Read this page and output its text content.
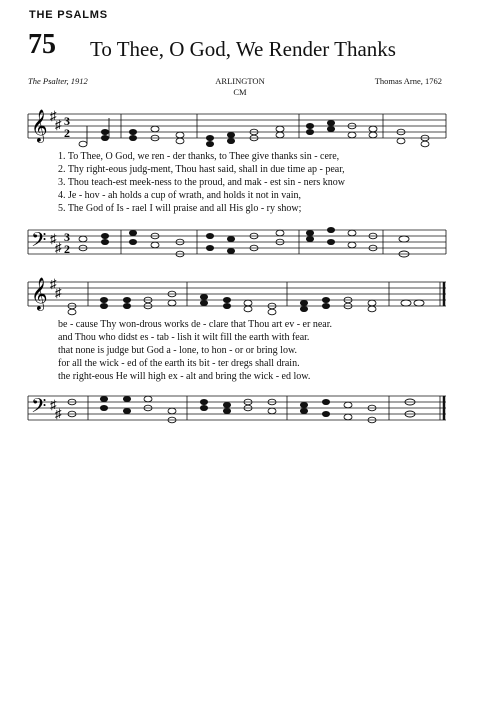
THE PSALMS
75 To Thee, O God, We Render Thanks
The Psalter, 1912	ARLINGTON
CM
Thomas Arne, 1762
𝄞 ♯
♯ 3
2
1. To Thee, O God, we ren - der thanks, to Thee give thanks sin - cere,
2. Thy right-eous judg-ment, Thou hast said, shall in due time ap - pear,
3. Thou teach-est meek-ness to the proud, and mak - est sin - ners know
4. Je - hov - ah holds a cup of wrath, and holds it not in vain,
5. The God of Is - rael I will praise and all His glo - ry show;
𝄢 ♯
♯
3
2
𝄞 ♯
♯
be - cause Thy won-drous works de - clare that Thou art ev - er near.
and Thou who didst es - tab - lish it wilt fill the earth with fear.
that none is judge but God a - lone, to hon - or or bring low.
for all the wick - ed of the earth its bit - ter dregs shall drain.
the right-eous He will high ex - alt and bring the wick - ed low.
𝄢 ♯
♯
